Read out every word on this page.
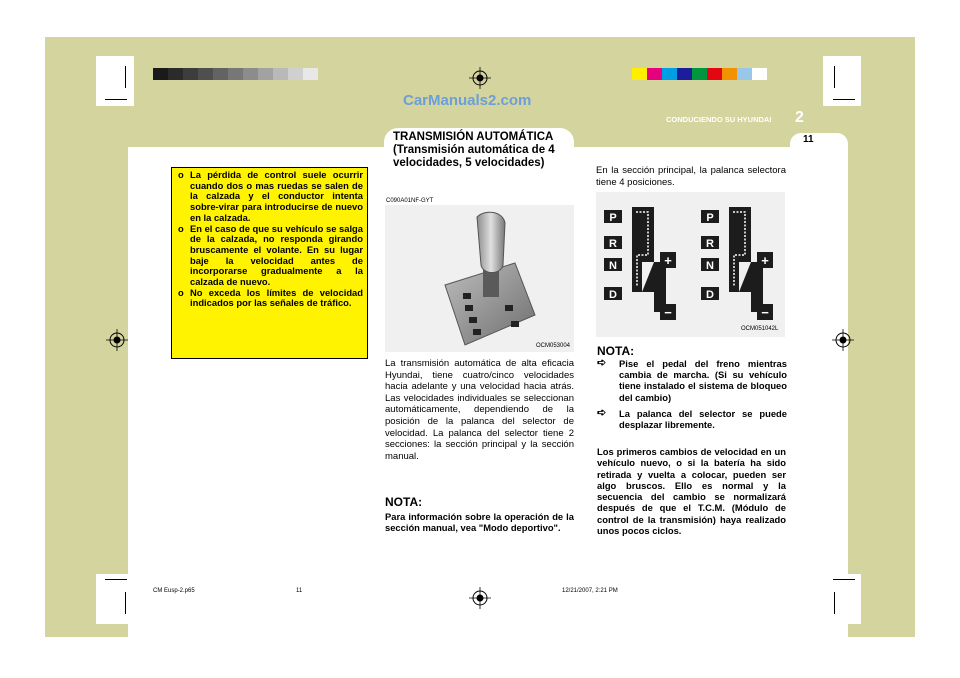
CarManuals2.com
CONDUCIENDO SU HYUNDAI 2
11
o La pérdida de control suele ocurrir cuando dos o mas ruedas se salen de la calzada y el conductor intenta sobre-virar para introducirse de nuevo en la calzada.
o En el caso de que su vehículo se salga de la calzada, no responda girando bruscamente el volante. En su lugar baje la velocidad antes de incorporarse gradualmente a la calzada de nuevo.
o No exceda los límites de velocidad indicados por las señales de tráfico.
TRANSMISIÓN AUTOMÁTICA (Transmisión automática de 4 velocidades, 5 velocidades)
C090A01NF-GYT
OCM053004
La transmisión automática de alta eficacia Hyundai, tiene cuatro/cinco velocidades hacia adelante y una velocidad hacia atrás. Las velocidades individuales se seleccionan automáticamente, dependiendo de la posición de la palanca del selector de velocidad. La palanca del selector tiene 2 secciones: la sección principal y la sección manual.
NOTA:
Para información sobre la operación de la sección manual, vea "Modo deportivo".
En la sección principal, la palanca selectora tiene 4 posiciones.
P
R
N
D
+
−
P
R
N
D
+
−
OCM051042L
NOTA:
➪	Pise el pedal del freno mientras cambia de marcha. (Si su vehículo tiene instalado el sistema de bloqueo del cambio)
➪	La palanca del selector se puede desplazar libremente.
Los primeros cambios de velocidad en un vehículo nuevo, o si la batería ha sido retirada y vuelta a colocar, pueden ser algo bruscos. Ello es normal y la secuencia del cambio se normalizará después de que el T.C.M. (Módulo de control de la transmisión) haya realizado unos pocos ciclos.
CM Eusp-2.p65	11	12/21/2007, 2:21 PM
